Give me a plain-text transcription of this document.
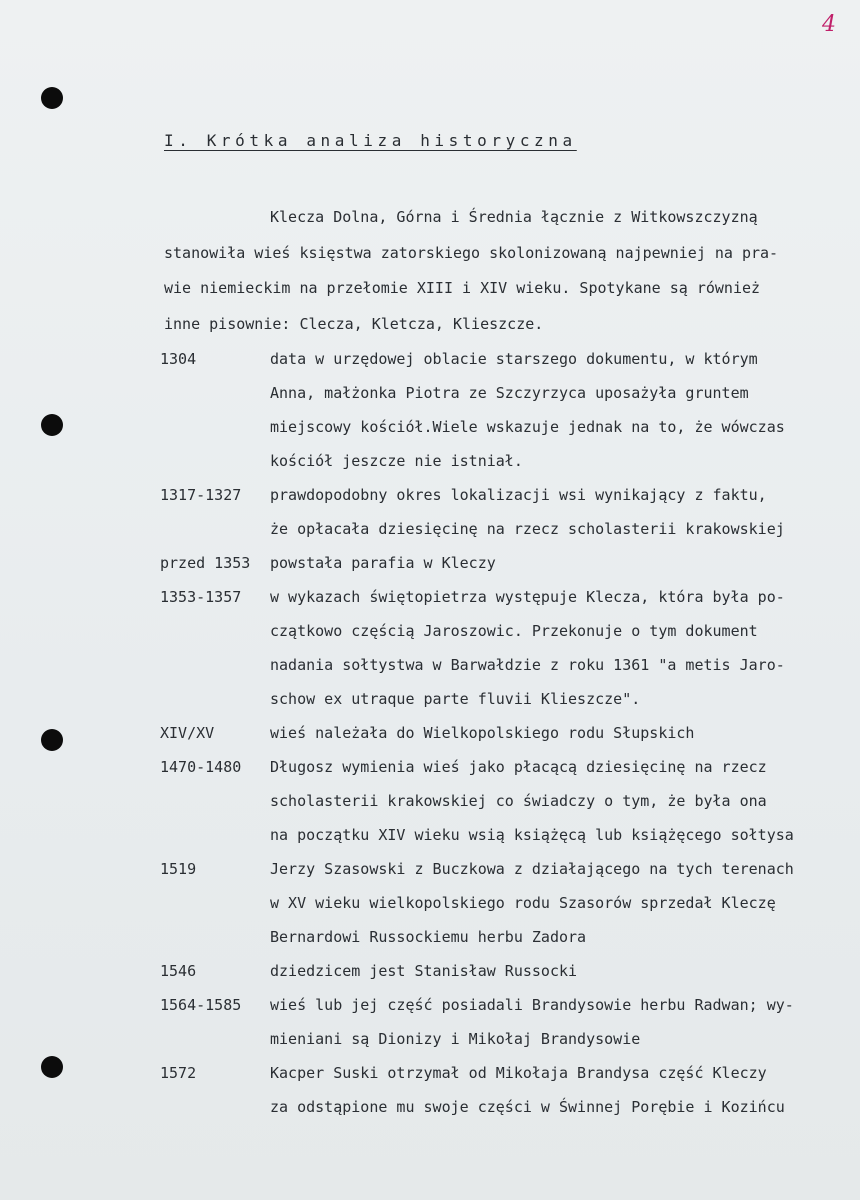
4
I. Krótka analiza historyczna
Klecza Dolna, Górna i Średnia łącznie z Witkowszczyzną
stanowiła wieś księstwa zatorskiego skolonizowaną najpewniej na pra-
wie niemieckim na przełomie XIII i XIV wieku. Spotykane są również
inne pisownie: Clecza, Kletcza, Klieszcze.
1304	data w urzędowej oblacie starszego dokumentu, w którym
Anna, małżonka Piotra ze Szczyrzyca uposażyła gruntem
miejscowy kościół.Wiele wskazuje jednak na to, że wówczas
kościół jeszcze nie istniał.
1317-1327 prawdopodobny okres lokalizacji wsi wynikający z faktu,
że opłacała dziesięcinę na rzecz scholasterii krakowskiej
przed 1353 powstała parafia w Kleczy
1353-1357 w wykazach świętopietrza występuje Klecza, która była po-
czątkowo częścią Jaroszowic. Przekonuje o tym dokument
nadania sołtystwa w Barwałdzie z roku 1361 "a metis Jaro-
schow ex utraque parte fluvii Klieszcze".
XIV/XV	wieś należała do Wielkopolskiego rodu Słupskich
1470-1480 Długosz wymienia wieś jako płacącą dziesięcinę na rzecz
scholasterii krakowskiej co świadczy o tym, że była ona
na początku XIV wieku wsią książęcą lub książęcego sołtysa
1519	Jerzy Szasowski z Buczkowa z działającego na tych terenach
w XV wieku wielkopolskiego rodu Szasorów sprzedał Kleczę
Bernardowi Russockiemu herbu Zadora
1546	dziedzicem jest Stanisław Russocki
1564-1585 wieś lub jej część posiadali Brandysowie herbu Radwan; wy-
mieniani są Dionizy i Mikołaj Brandysowie
1572	Kacper Suski otrzymał od Mikołaja Brandysa część Kleczy
za odstąpione mu swoje części w Świnnej Porębie i Kozińcu
